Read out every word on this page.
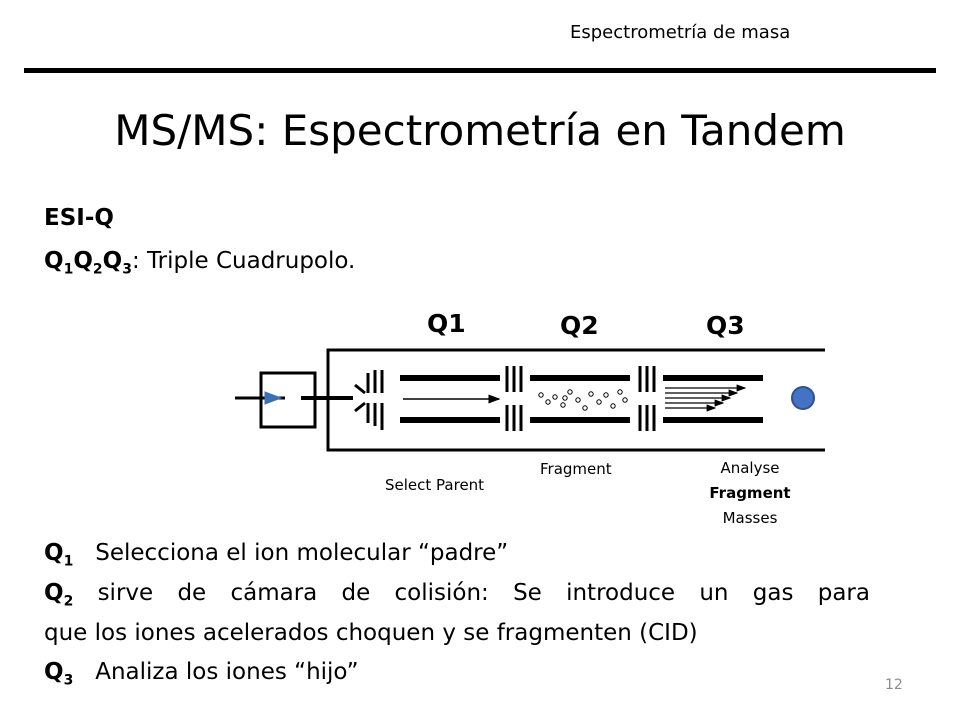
Espectrometría de masa
MS/MS: Espectrometría en Tandem
ESI-Q
$Q_1Q_2Q_3$: Triple Cuadrupolo.
Q1	Q2	Q3
Select Parent
Fragment	Analyse
Fragment
Masses
$Q_1$ Selecciona el ion molecular “padre”
$Q_2$ sirve de cámara de colisión: Se introduce un gas para
que los iones acelerados choquen y se fragmenten (CID)
$Q_3$ Analiza los iones “hijo”	12
